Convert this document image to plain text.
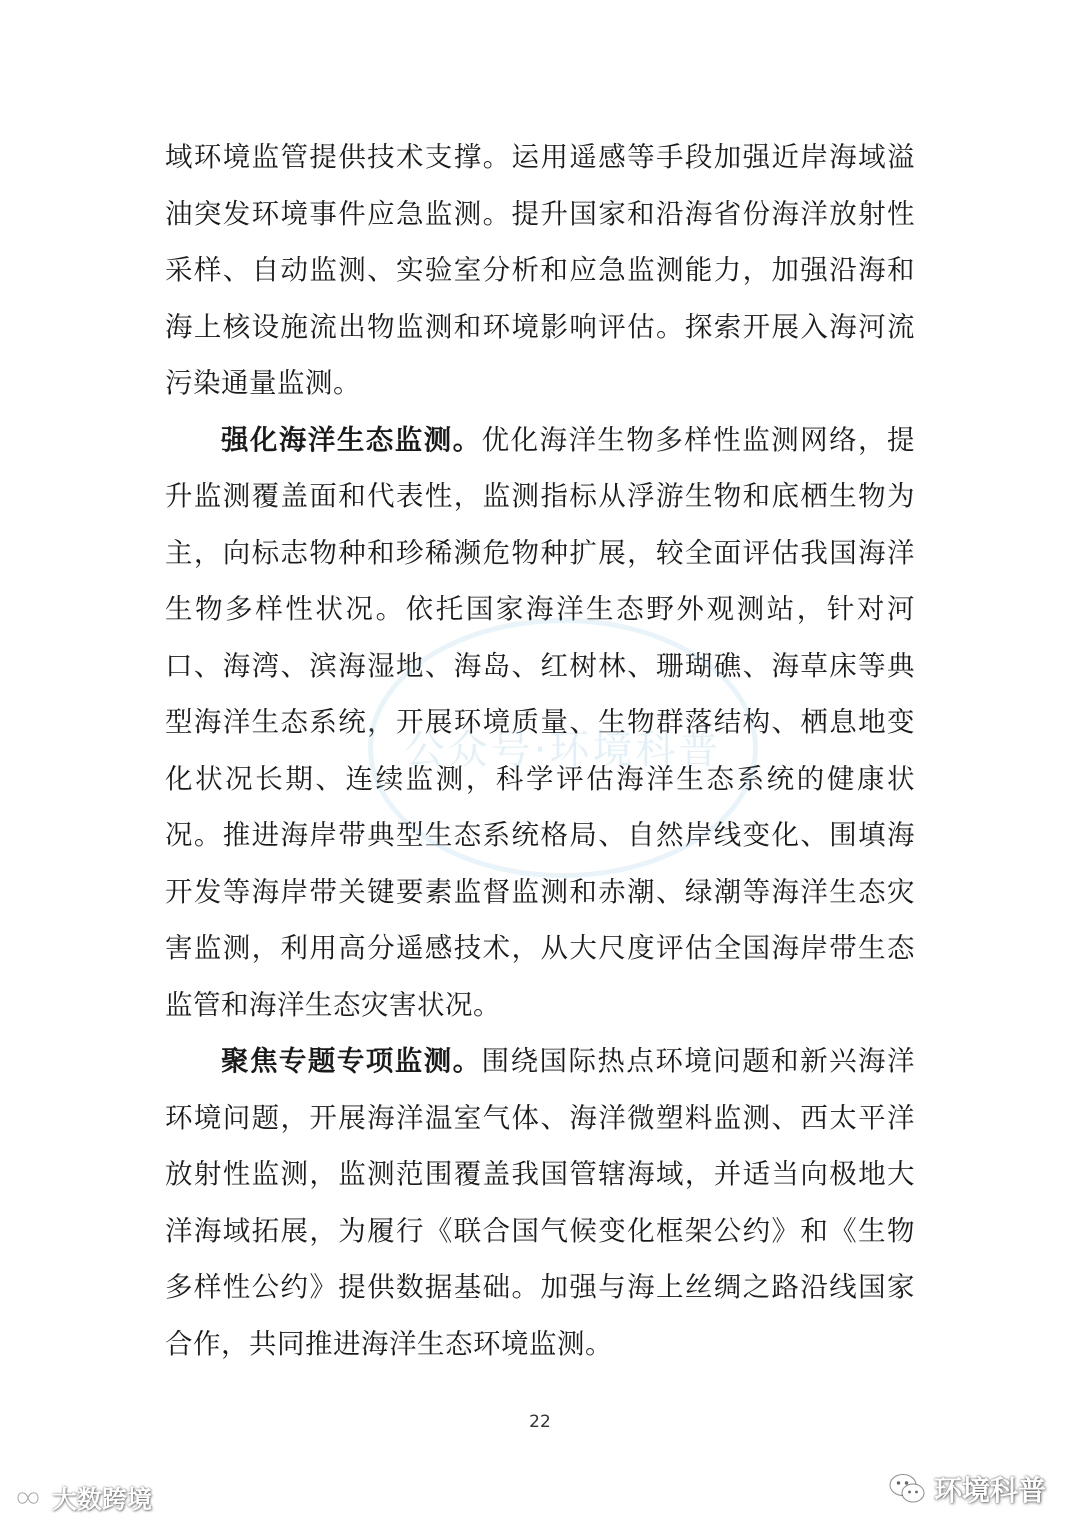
域环境监管提供技术支撑。运用遥感等手段加强近岸海域溢油突发环境事件应急监测。提升国家和沿海省份海洋放射性采样、自动监测、实验室分析和应急监测能力，加强沿海和海上核设施流出物监测和环境影响评估。探索开展入海河流污染通量监测。

强化海洋生态监测。优化海洋生物多样性监测网络，提升监测覆盖面和代表性，监测指标从浮游生物和底栖生物为主，向标志物种和珍稀濒危物种扩展，较全面评估我国海洋生物多样性状况。依托国家海洋生态野外观测站，针对河口、海湾、滨海湿地、海岛、红树林、珊瑚礁、海草床等典型海洋生态系统，开展环境质量、生物群落结构、栖息地变化状况长期、连续监测，科学评估海洋生态系统的健康状况。推进海岸带典型生态系统格局、自然岸线变化、围填海开发等海岸带关键要素监督监测和赤潮、绿潮等海洋生态灾害监测，利用高分遥感技术，从大尺度评估全国海岸带生态监管和海洋生态灾害状况。

聚焦专题专项监测。围绕国际热点环境问题和新兴海洋环境问题，开展海洋温室气体、海洋微塑料监测、西太平洋放射性监测，监测范围覆盖我国管辖海域，并适当向极地大洋海域拓展，为履行《联合国气候变化框架公约》和《生物多样性公约》提供数据基础。加强与海上丝绸之路沿线国家合作，共同推进海洋生态环境监测。

公众号·环境科普
22
大数跨境	环境科普
